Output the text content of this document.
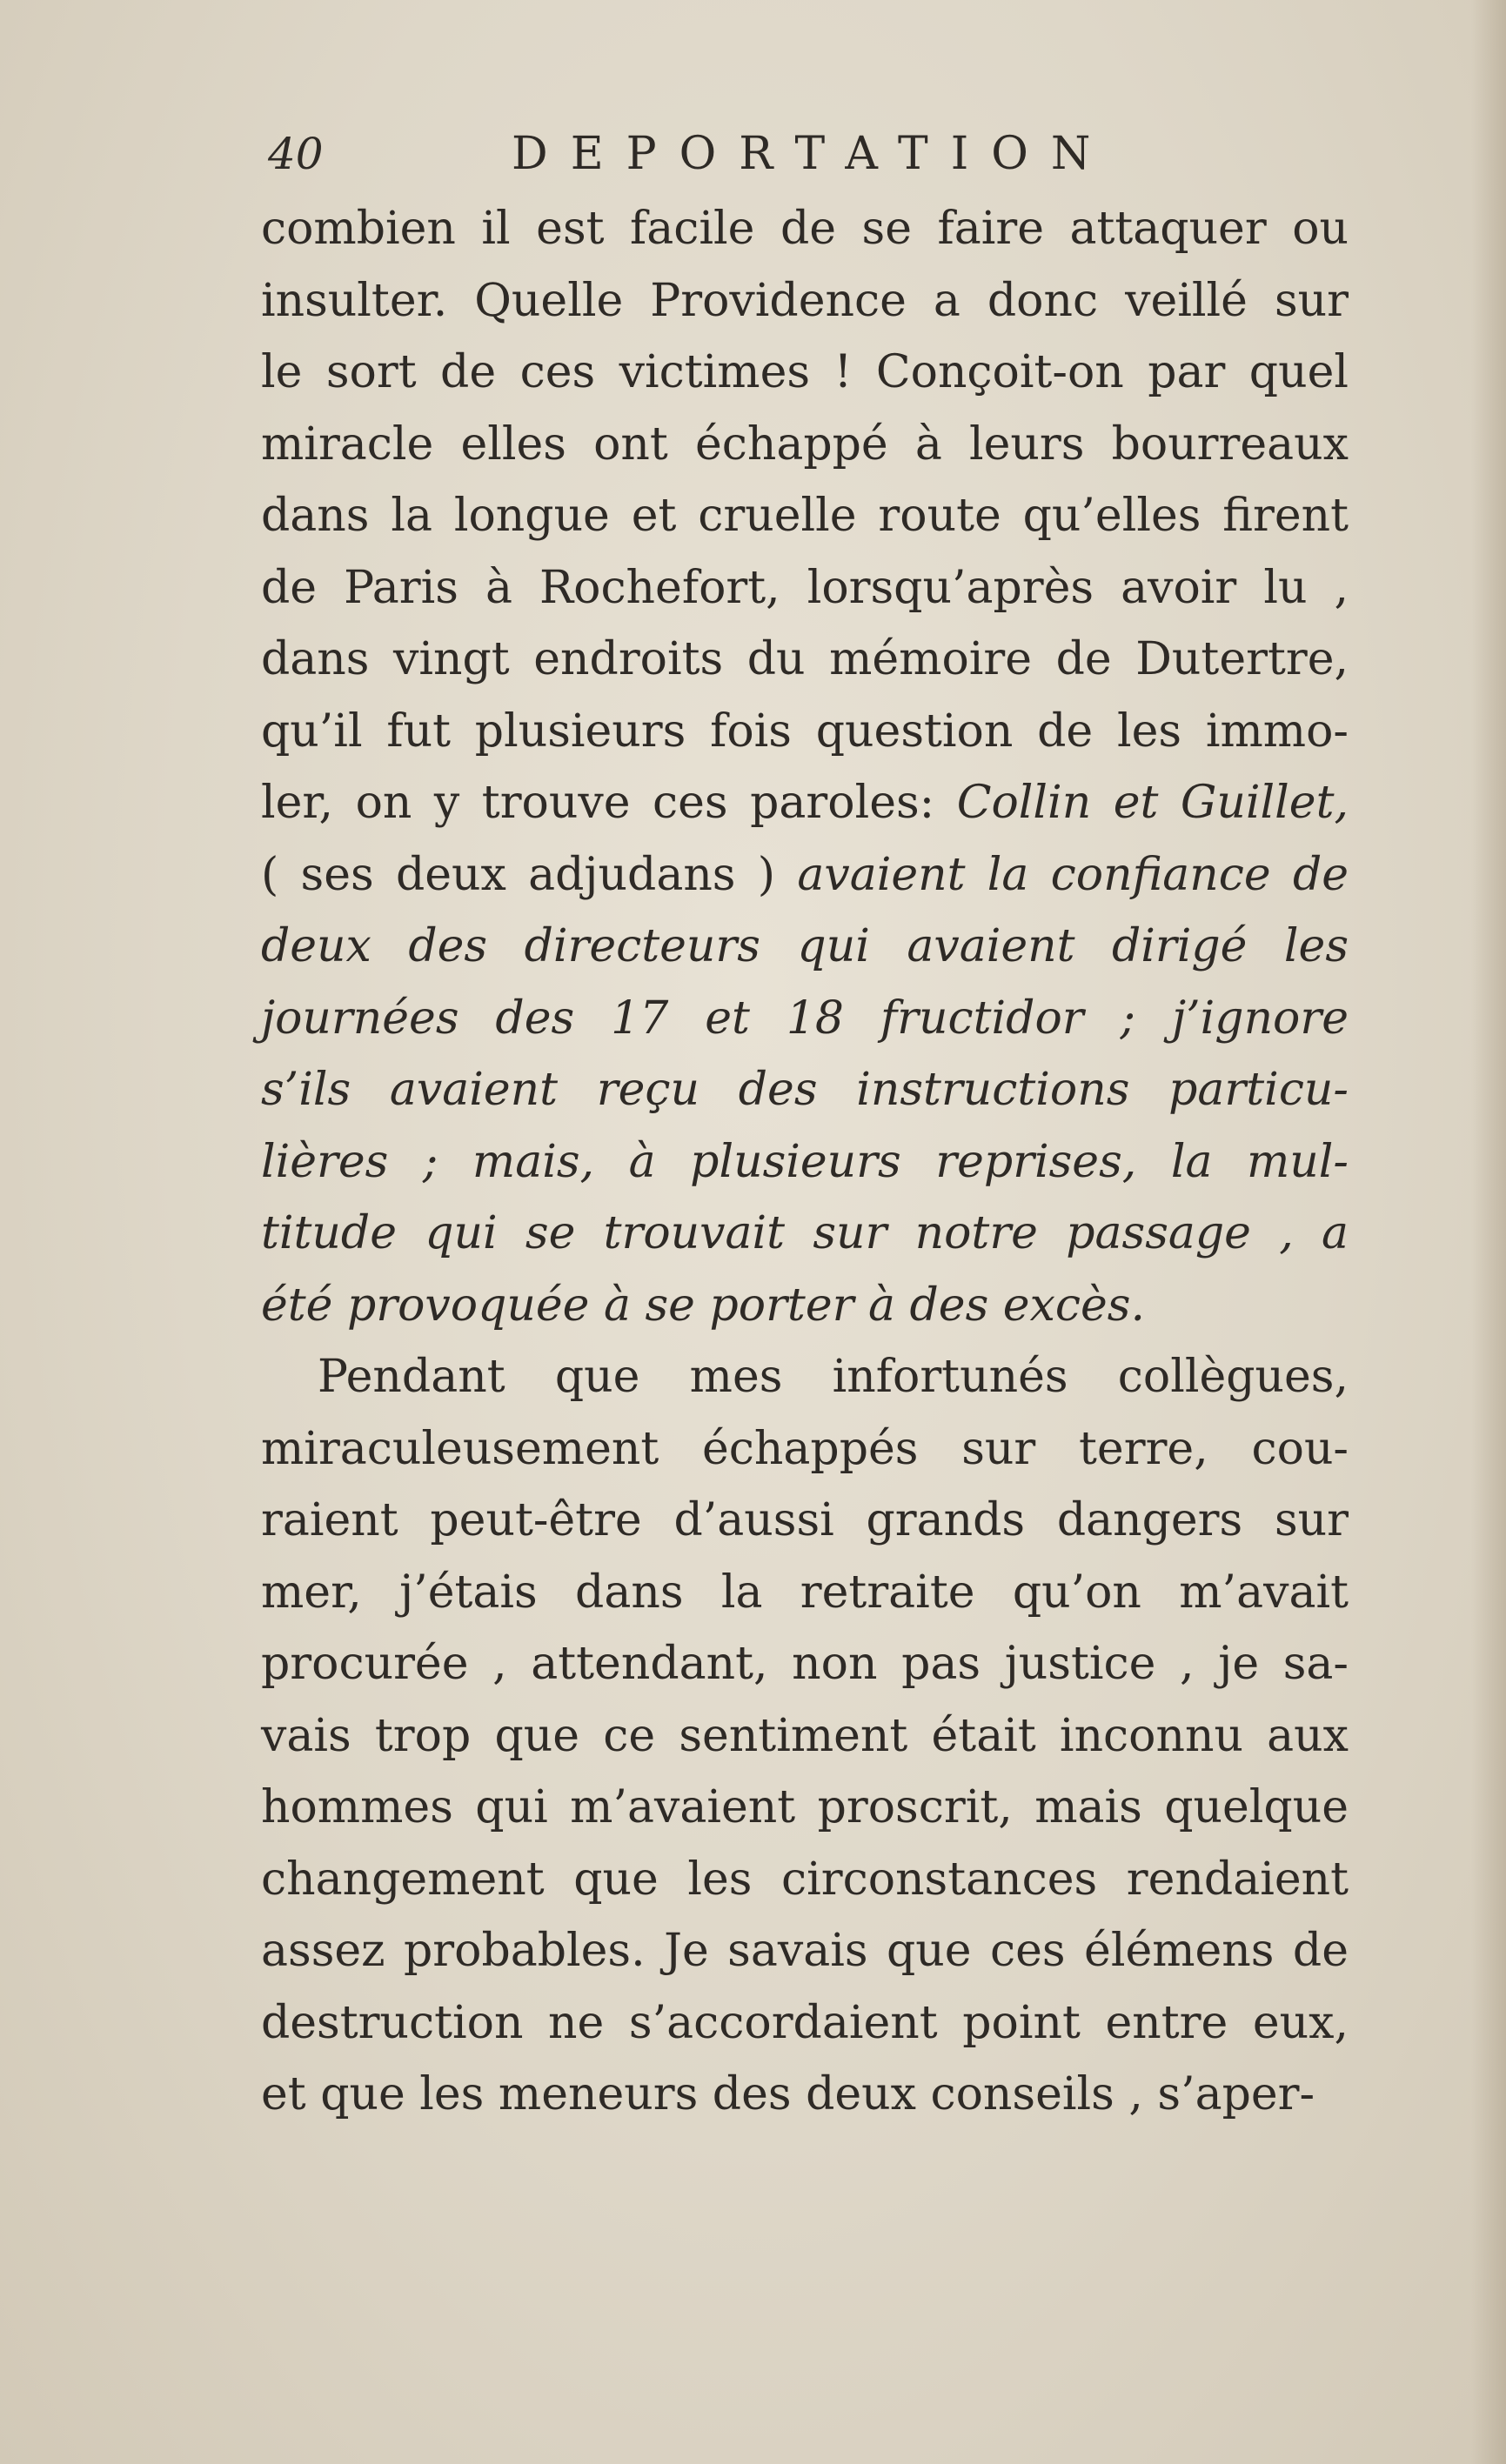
40	DEPORTATION
combien il est facile de se faire attaquer ou
insulter. Quelle Providence a donc veillé sur
le sort de ces victimes ! Conçoit-on par quel
miracle elles ont échappé à leurs bourreaux
dans la longue et cruelle route qu’elles firent
de Paris à Rochefort, lorsqu’après avoir lu ,
dans vingt endroits du mémoire de Dutertre,
qu’il fut plusieurs fois question de les immo-
ler, on y trouve ces paroles: Collin et Guillet,
( ses deux adjudans ) avaient la confiance de
deux des directeurs qui avaient dirigé les
journées des 17 et 18 fructidor ; j’ignore
s’ils avaient reçu des instructions particu-
lières ; mais, à plusieurs reprises, la mul-
titude qui se trouvait sur notre passage , a
été provoquée à se porter à des excès.
Pendant que mes infortunés collègues,
miraculeusement échappés sur terre, cou-
raient peut-être d’aussi grands dangers sur
mer, j’étais dans la retraite qu’on m’avait
procurée , attendant, non pas justice , je sa-
vais trop que ce sentiment était inconnu aux
hommes qui m’avaient proscrit, mais quelque
changement que les circonstances rendaient
assez probables. Je savais que ces élémens de
destruction ne s’accordaient point entre eux,
et que les meneurs des deux conseils , s’aper-
